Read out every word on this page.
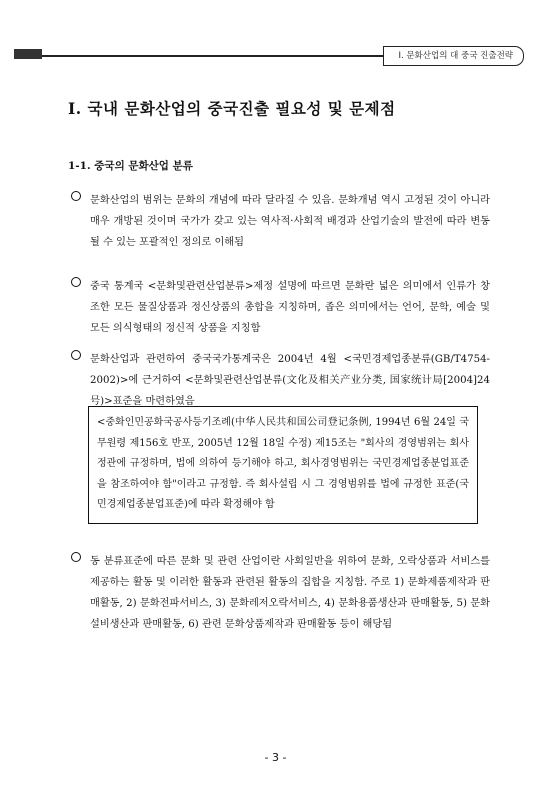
Ⅰ. 문화산업의 대 중국 진출전략
Ⅰ. 국내 문화산업의 중국진출 필요성 및 문제점
1-1. 중국의 문화산업 분류
문화산업의 범위는 문화의 개념에 따라 달라질 수 있음. 문화개념 역시 고정된 것이 아니라 매우 개방된 것이며 국가가 갖고 있는 역사적·사회적 배경과 산업기술의 발전에 따라 변동될 수 있는 포괄적인 정의로 이해됨
중국 통계국 <문화및관련산업분류>제정 설명에 따르면 문화란 넓은 의미에서 인류가 창조한 모든 물질상품과 정신상품의 총합을 지칭하며, 좁은 의미에서는 언어, 문학, 예술 및 모든 의식형태의 정신적 상품을 지칭함
문화산업과 관련하여 중국국가통계국은 2004년 4월 <국민경제업종분류(GB/T4754-2002)>에 근거하여 <문화및관련산업분류(文化及相关产业分类, 国家统计局[2004]24号)>표준을 마련하였음
<중화인민공화국공사등기조례(中华人民共和国公司登记条例, 1994년 6월 24일 국무원령 제156호 반포, 2005년 12월 18일 수정) 제15조는 "회사의 경영범위는 회사정관에 규정하며, 법에 의하여 등기해야 하고, 회사경영범위는 국민경제업종분업표준을 참조하여야 함"이라고 규정함. 즉 회사설립 시 그 경영범위를 법에 규정한 표준(국민경제업종분업표준)에 따라 확정해야 함
동 분류표준에 따른 문화 및 관련 산업이란 사회일반을 위하여 문화, 오락상품과 서비스를 제공하는 활동 및 이러한 활동과 관련된 활동의 집합을 지칭함. 주로 1) 문화제품제작과 판매활동, 2) 문화전파서비스, 3) 문화레저오락서비스, 4) 문화용품생산과 판매활동, 5) 문화설비생산과 판매활동, 6) 관련 문화상품제작과 판매활동 등이 해당됨
- 3 -
